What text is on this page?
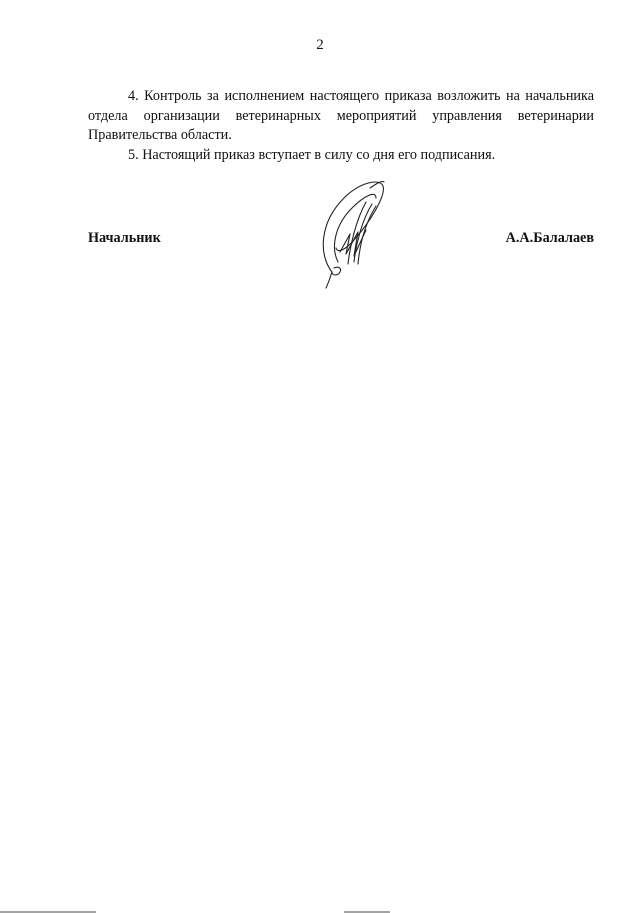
2

4. Контроль за исполнением настоящего приказа возложить на начальника отдела организации ветеринарных мероприятий управления ветеринарии Правительства области.

5. Настоящий приказ вступает в силу со дня его подписания.

Начальник	А.А.Балалаев
